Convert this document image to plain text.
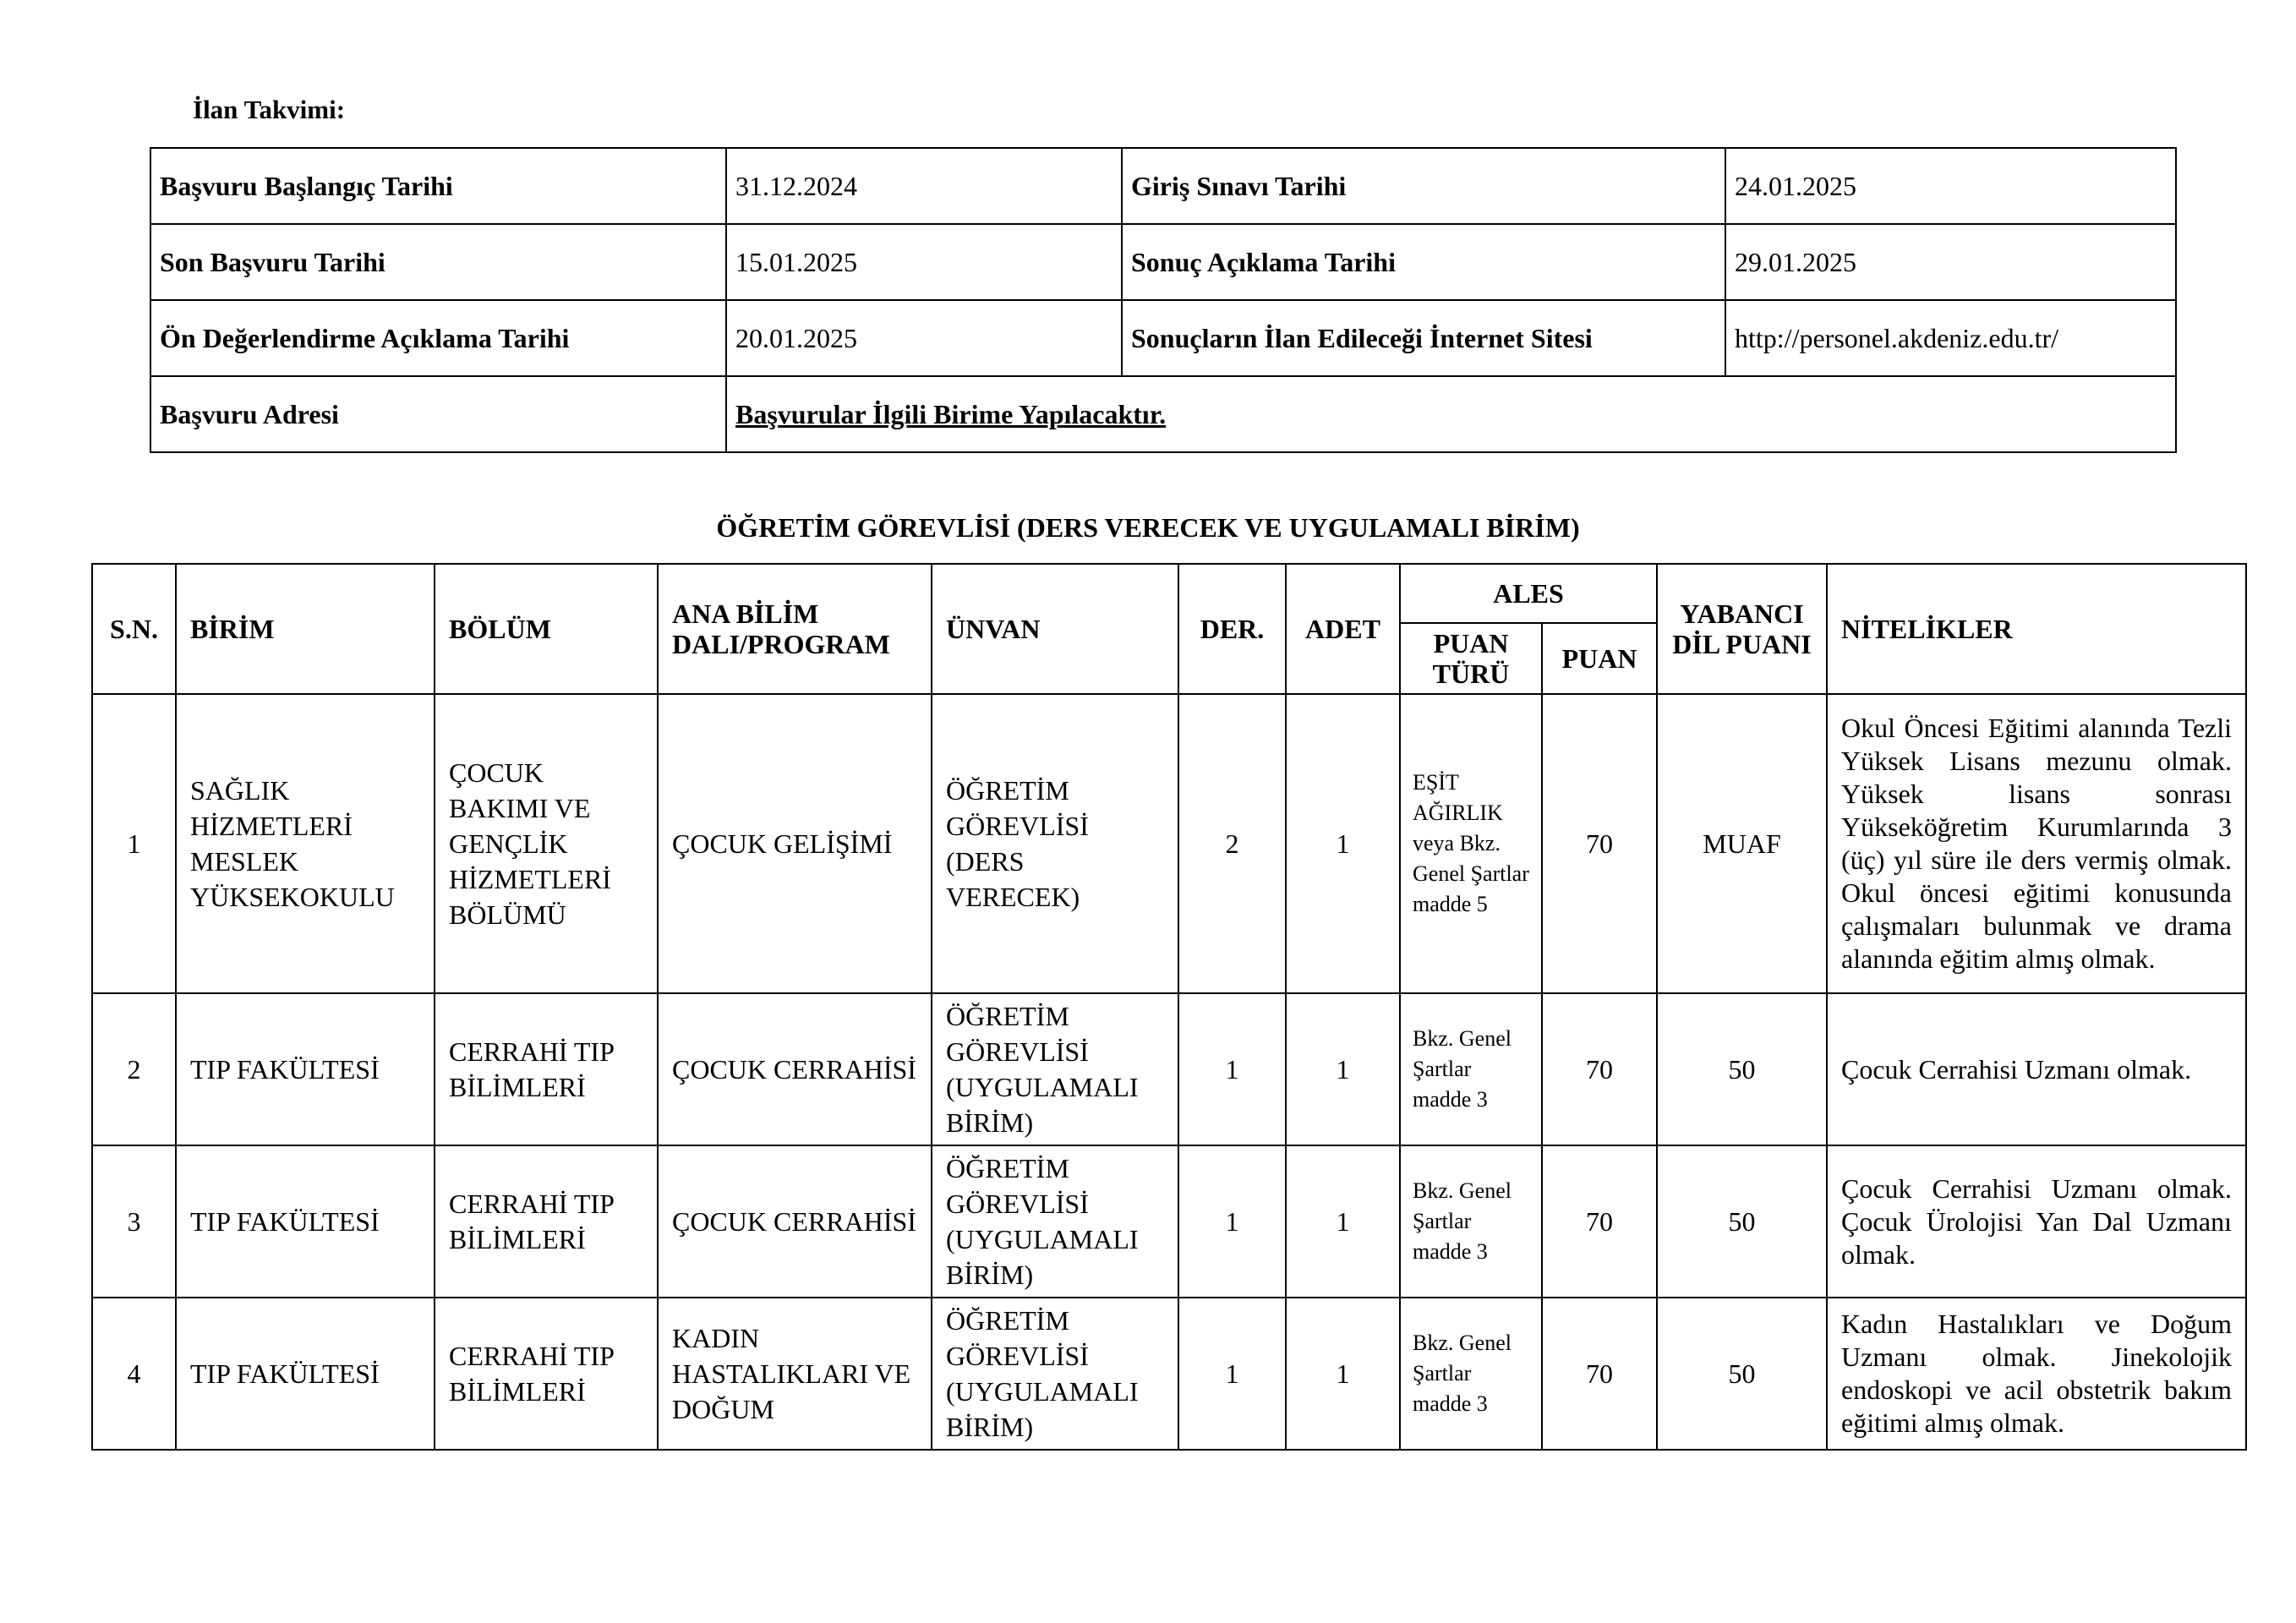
İlan Takvimi:
Başvuru Başlangıç Tarihi	31.12.2024	Giriş Sınavı Tarihi	24.01.2025
Son Başvuru Tarihi	15.01.2025	Sonuç Açıklama Tarihi	29.01.2025
Ön Değerlendirme Açıklama Tarihi	20.01.2025	Sonuçların İlan Edileceği İnternet Sitesi	http://personel.akdeniz.edu.tr/
Başvuru Adresi	Başvurular İlgili Birime Yapılacaktır.		
ÖĞRETİM GÖREVLİSİ (DERS VERECEK VE UYGULAMALI BİRİM)
S.N.	BİRİM	BÖLÜM	ANA BİLİM DALI/PROGRAM	ÜNVAN	DER.	ADET	ALES		YABANCI DİL PUANI	NİTELİKLER
							PUAN TÜRÜ	PUAN		
1	SAĞLIK HİZMETLERİ MESLEK YÜKSEKOKULU	ÇOCUK BAKIMI VE GENÇLİK HİZMETLERİ BÖLÜMÜ	ÇOCUK GELİŞİMİ	ÖĞRETİM GÖREVLİSİ (DERS VERECEK)	2	1	EŞİT AĞIRLIK veya Bkz. Genel Şartlar madde 5	70	MUAF	Okul Öncesi Eğitimi alanında Tezli Yüksek Lisans mezunu olmak. Yüksek lisans sonrası Yükseköğretim Kurumlarında 3 (üç) yıl süre ile ders vermiş olmak. Okul öncesi eğitimi konusunda çalışmaları bulunmak ve drama alanında eğitim almış olmak.
2	TIP FAKÜLTESİ	CERRAHİ TIP BİLİMLERİ	ÇOCUK CERRAHİSİ	ÖĞRETİM GÖREVLİSİ (UYGULAMALI BİRİM)	1	1	Bkz. Genel Şartlar madde 3	70	50	Çocuk Cerrahisi Uzmanı olmak.
3	TIP FAKÜLTESİ	CERRAHİ TIP BİLİMLERİ	ÇOCUK CERRAHİSİ	ÖĞRETİM GÖREVLİSİ (UYGULAMALI BİRİM)	1	1	Bkz. Genel Şartlar madde 3	70	50	Çocuk Cerrahisi Uzmanı olmak. Çocuk Ürolojisi Yan Dal Uzmanı olmak.
4	TIP FAKÜLTESİ	CERRAHİ TIP BİLİMLERİ	KADIN HASTALIKLARI VE DOĞUM	ÖĞRETİM GÖREVLİSİ (UYGULAMALI BİRİM)	1	1	Bkz. Genel Şartlar madde 3	70	50	Kadın Hastalıkları ve Doğum Uzmanı olmak. Jinekolojik endoskopi ve acil obstetrik bakım eğitimi almış olmak.
